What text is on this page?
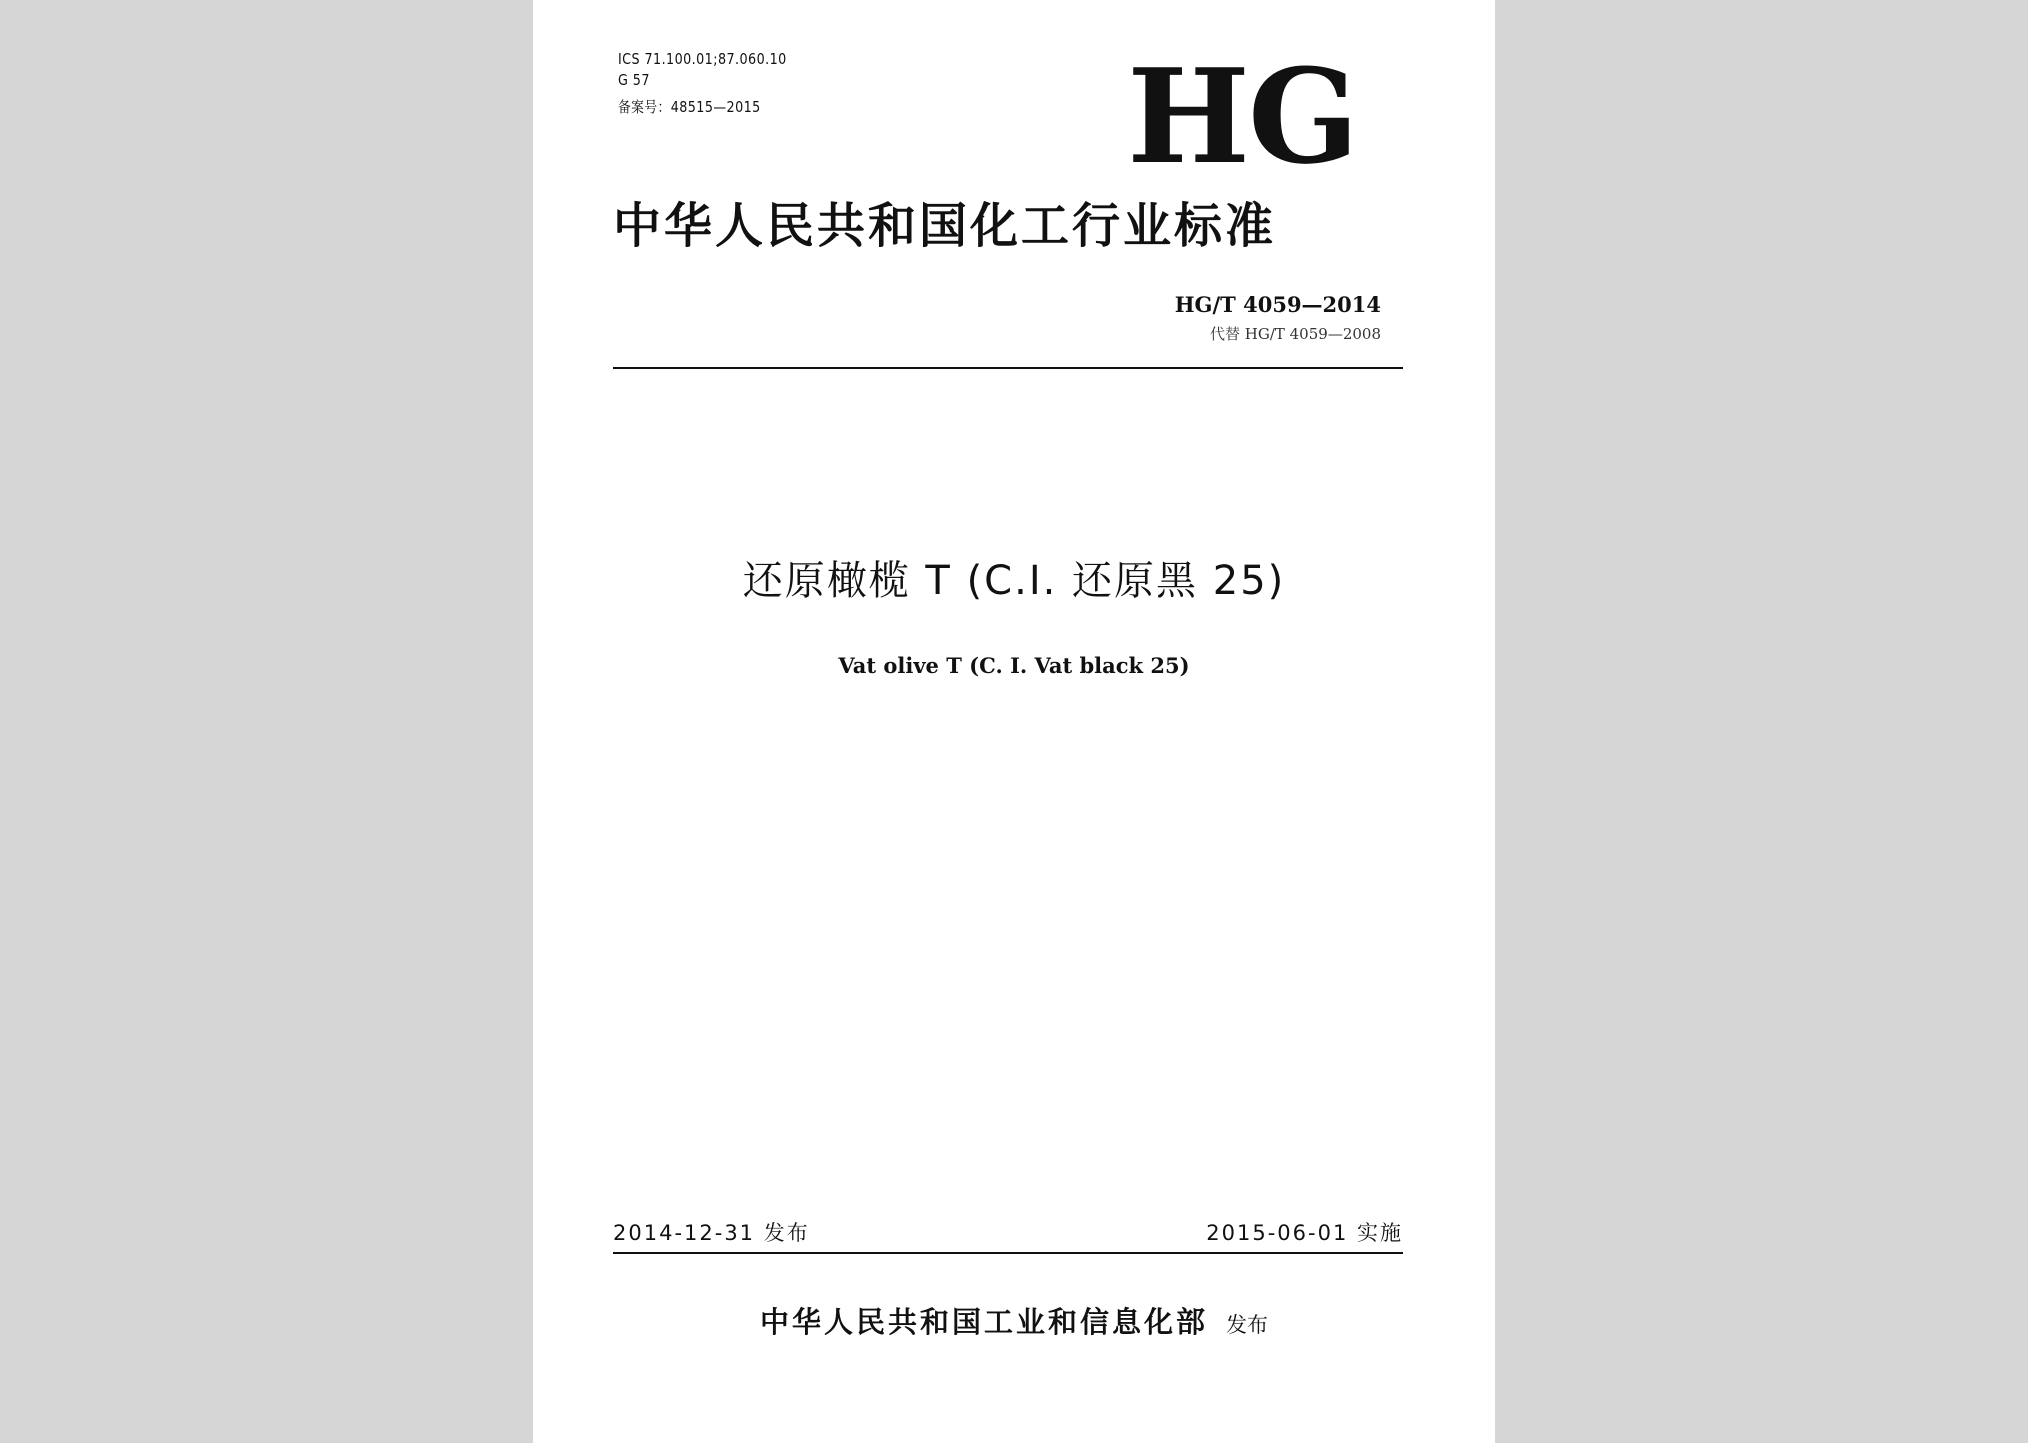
ICS 71.100.01;87.060.10
G 57
备案号：48515—2015	HG
中华人民共和国化工行业标准
HG/T 4059—2014
代替 HG/T 4059—2008
还原橄榄 T (C.I. 还原黑 25)
Vat olive T (C. I. Vat black 25)
2014-12-31 发布	2015-06-01 实施
中华人民共和国工业和信息化部 发布
